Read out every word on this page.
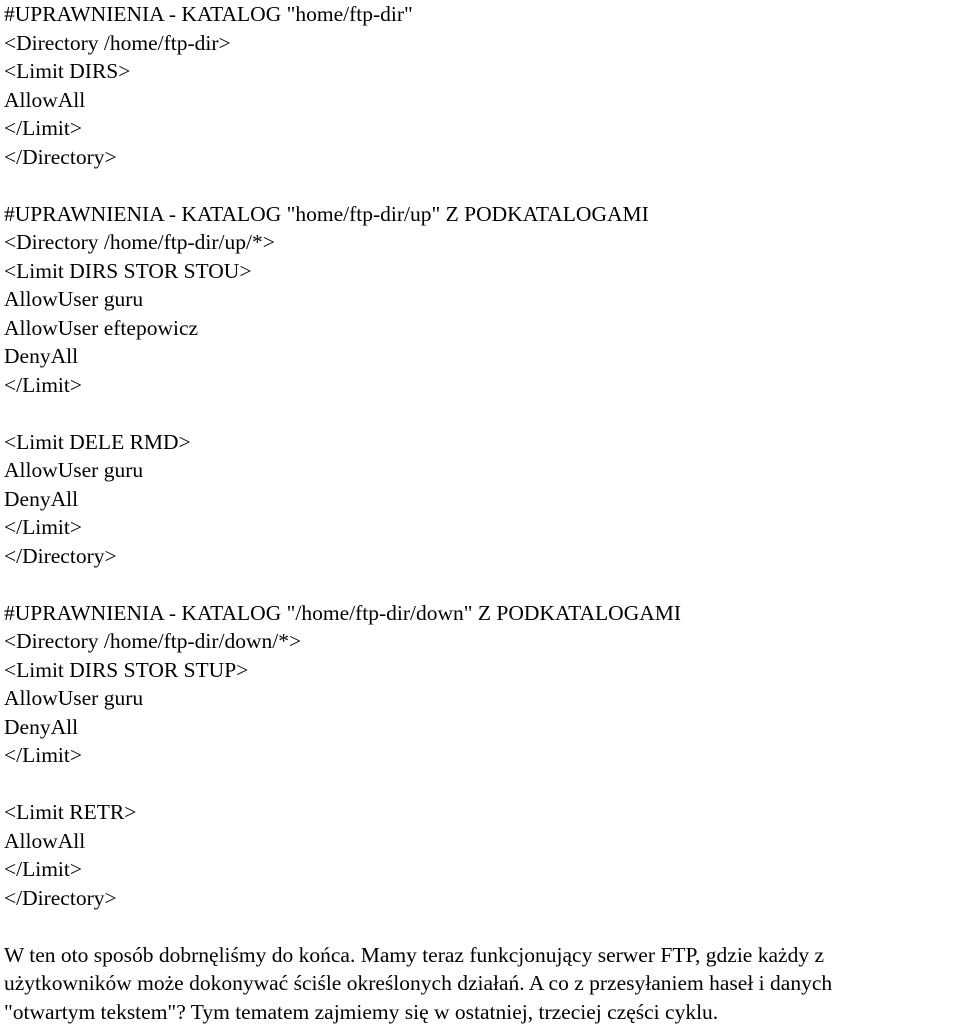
#UPRAWNIENIA - KATALOG "home/ftp-dir"
<Directory /home/ftp-dir>
<Limit DIRS>
AllowAll
</Limit>
</Directory>
#UPRAWNIENIA - KATALOG "home/ftp-dir/up" Z PODKATALOGAMI
<Directory /home/ftp-dir/up/*>
<Limit DIRS STOR STOU>
AllowUser guru
AllowUser eftepowicz
DenyAll
</Limit>
<Limit DELE RMD>
AllowUser guru
DenyAll
</Limit>
</Directory>
#UPRAWNIENIA - KATALOG "/home/ftp-dir/down" Z PODKATALOGAMI
<Directory /home/ftp-dir/down/*>
<Limit DIRS STOR STUP>
AllowUser guru
DenyAll
</Limit>
<Limit RETR>
AllowAll
</Limit>
</Directory>
W ten oto sposób dobrnęliśmy do końca. Mamy teraz funkcjonujący serwer FTP, gdzie każdy z
użytkowników może dokonywać ściśle określonych działań. A co z przesyłaniem haseł i danych
"otwartym tekstem"? Tym tematem zajmiemy się w ostatniej, trzeciej części cyklu.
